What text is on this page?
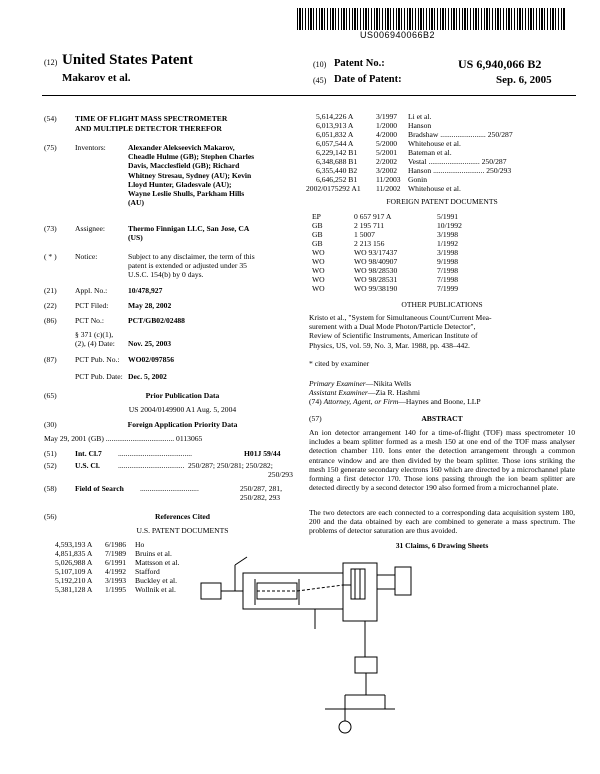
US006940066B2
(12) United States Patent
Makarov et al.
(10) Patent No.:	US 6,940,066 B2
(45) Date of Patent:	Sep. 6, 2005
(54) TIME OF FLIGHT MASS SPECTROMETER
AND MULTIPLE DETECTOR THEREFOR
(75) Inventors:	Alexander Alekseevich Makarov,
Cheadle Hulme (GB); Stephen Charles
Davis, Macclesfield (GB); Richard
Whitney Stresau, Sydney (AU); Kevin
Lloyd Hunter, Gladesvale (AU);
Wayne Leslie Shulls, Parkham Hills
(AU)
(73) Assignee:	Thermo Finnigan LLC, San Jose, CA
(US)
( * ) Notice:	Subject to any disclaimer, the term of this
patent is extended or adjusted under 35
U.S.C. 154(b) by 0 days.
(21) Appl. No.:	10/478,927
(22) PCT Filed:	May 28, 2002
(86) PCT No.:	PCT/GB02/02488
§ 371 (c)(1),
(2), (4) Date: Nov. 25, 2003
(87) PCT Pub. No.: WO02/097856
PCT Pub. Date: Dec. 5, 2002
(65)	Prior Publication Data
US 2004/0149900 A1 Aug. 5, 2004
(30)	Foreign Application Priority Data
May 29, 2001 (GB) .................................... 0113065
(51) Int. Cl.7 .......................................	H01J 59/44
(52) U.S. Cl. ................................... 250/287; 250/281; 250/282;
250/293
(58) Field of Search ...............................	250/287, 281,
250/282, 293
(56)	References Cited
U.S. PATENT DOCUMENTS
4,593,193 A 6/1986 Ho
4,851,835 A 7/1989 Bruins et al.
5,026,988 A 6/1991 Mattsson et al.
5,107,109 A 4/1992 Stafford
5,192,210 A 3/1993 Buckley et al.
5,381,128 A 1/1995 Wollnik et al.
5,614,226 A	3/1997 Li et al.
6,013,913 A	1/2000 Hanson
6,051,832 A	4/2000 Bradshaw ........................ 250/287
6,057,544 A	5/2000 Whitehouse et al.
6,229,142 B1 5/2001 Bateman et al.
6,348,688 B1 2/2002 Vestal ........................... 250/287
6,355,440 B2 3/2002 Hanson ........................... 250/293
6,646,252 B1 11/2003 Gonin
2002/0175292 A1 11/2002 Whitehouse et al.
FOREIGN PATENT DOCUMENTS
EP	0 657 917 A	5/1991
GB	2 195 711	10/1992
GB	1 5007	3/1998
GB	2 213 156	1/1992
WO	WO 93/17437	3/1998
WO	WO 98/40907	9/1998
WO	WO 98/28530	7/1998
WO	WO 98/28531	7/1998
WO	WO 99/38190	7/1999
OTHER PUBLICATIONS
Kristo et al., "System for Simultaneous Count/Current Mea-
surement with a Dual Mode Photon/Particle Detector",
Review of Scientific Instruments, American Institute of
Physics, US, vol. 59, No. 3, Mar. 1988, pp. 438–442.
* cited by examiner
Primary Examiner—Nikita Wells
Assistant Examiner—Zia R. Hashmi
(74) Attorney, Agent, or Firm—Haynes and Boone, LLP
(57)	ABSTRACT
An ion detector arrangement 140 for a time-of-flight (TOF) mass spectrometer 10 includes a beam splitter formed as a mesh 150 at one end of the TOF mass analyser detection chamber 110. Ions enter the detection arrangement through a common entrance window and are then divided by the beam splitter. Those ions striking the mesh 150 generate secondary electrons 160 which are directed by a microchannel plate forming a first detector 170. Those ions passing through the ion beam splitter are detected directly by a second detector 190 also formed from a microchannel plate.
The two detectors are each connected to a corresponding data acquisition system 180, 200 and the data obtained by each are combined to generate a mass spectrum. The problems of detector saturation are thus avoided.
31 Claims, 6 Drawing Sheets
